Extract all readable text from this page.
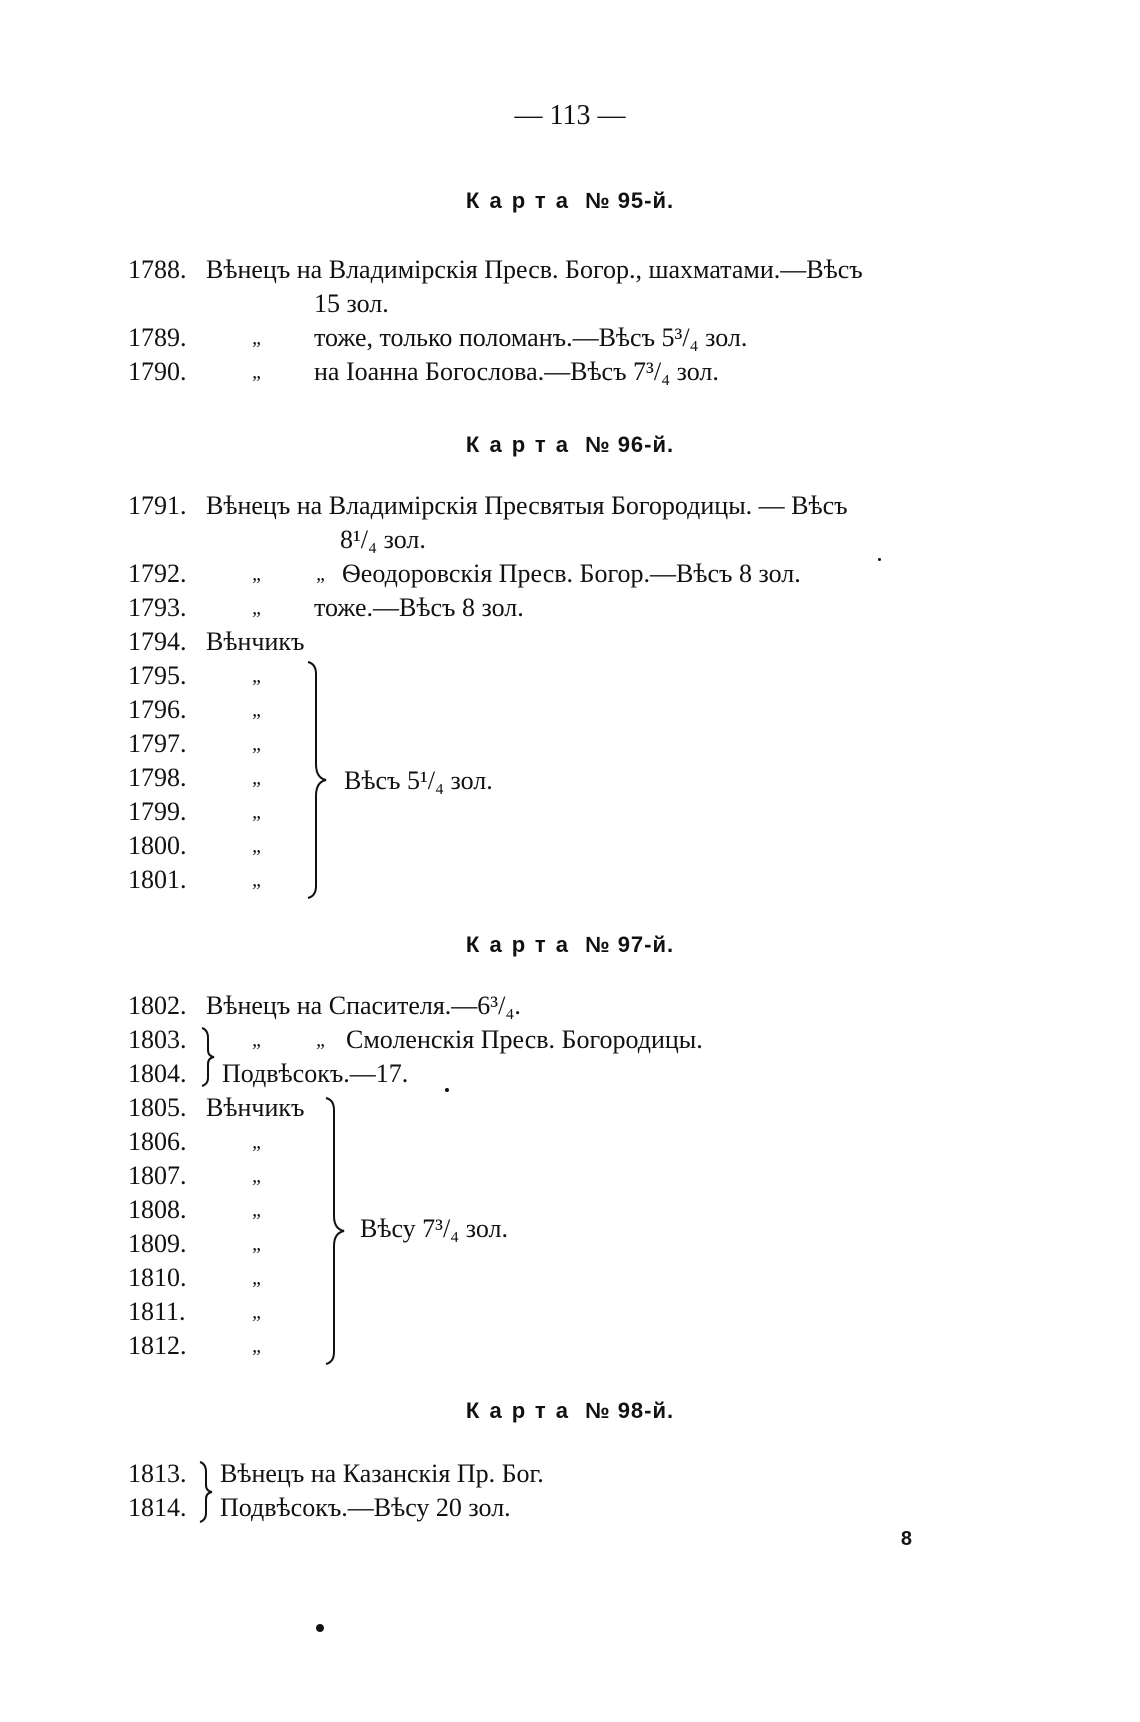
— 113 —
Карта № 95-й.
1788. Вѣнецъ на Владимірскія Пресв. Богор., шахматами.—Вѣсъ
15 зол.
1789.	„ тоже, только поломанъ.—Вѣсъ 5³/₄ зол.
1790.	„ на Іоанна Богослова.—Вѣсъ 7³/₄ зол.
Карта № 96-й.
1791. Вѣнецъ на Владимірскія Пресвятыя Богородицы. — Вѣсъ
8¹/₄ зол.
1792.	„	„ Ѳеодоровскія Пресв. Богор.—Вѣсъ 8 зол.
1793.	„ тоже.—Вѣсъ 8 зол.
1794. Вѣнчикъ
1795.	„
1796.	„
1797.	„
1798.	„
1799.	„
1800.	„
1801.	„
Вѣсъ 5¹/₄ зол.
Карта № 97-й.
1802. Вѣнецъ на Спасителя.—6³/₄.
1803.	„	„ Смоленскія Пресв. Богородицы.
1804.	Подвѣсокъ.—17.
1805. Вѣнчикъ
1806.	„
1807.	„
1808.	„
1809.	„
1810.	„
1811.	„
1812.	„
Вѣсу 7³/₄ зол.
Карта № 98-й.
1813.	Вѣнецъ на Казанскія Пр. Бог.
1814.	Подвѣсокъ.—Вѣсу 20 зол.
8
